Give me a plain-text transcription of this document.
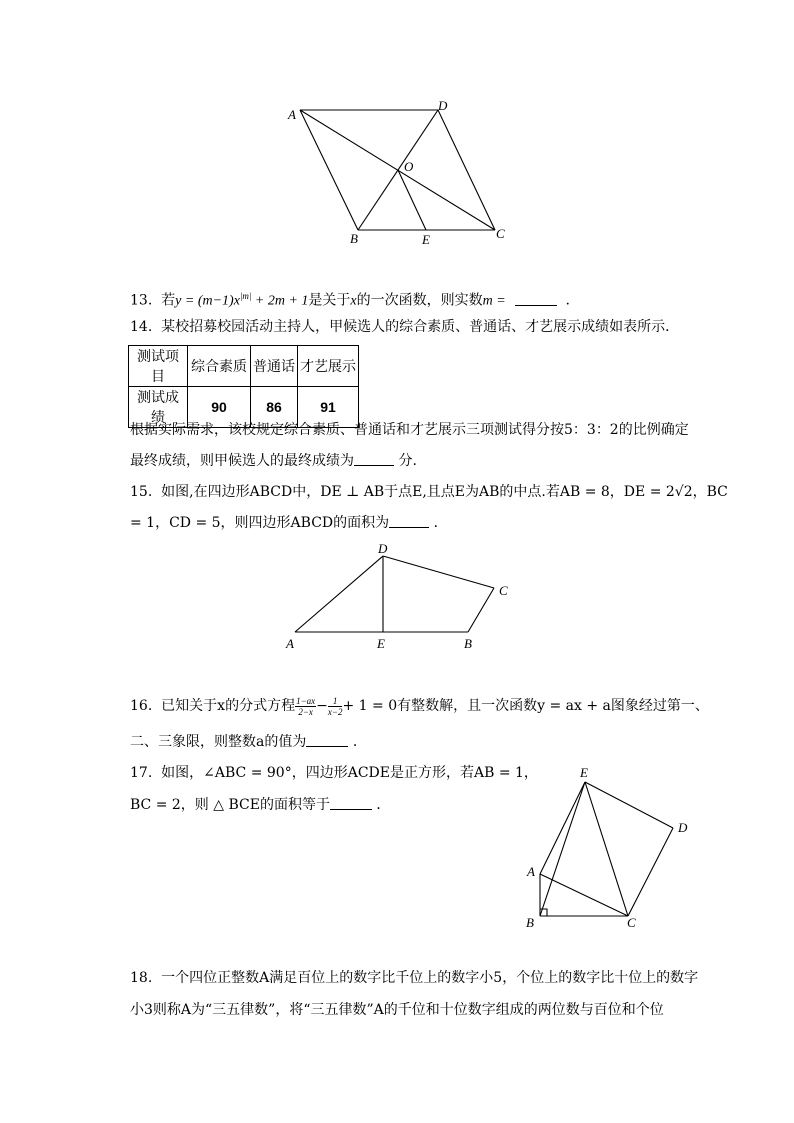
A
D
O
B	E	C
13. 若$y = (m-1)x^{|m|} + 2m + 1$是关于x的一次函数，则实数m =	.
14. 某校招募校园活动主持人，甲候选人的综合素质、普通话、才艺展示成绩如表所示．
测试项目	综合素质	普通话	才艺展示
测试成绩	90	86	91
根据实际需求，该校规定综合素质、普通话和才艺展示三项测试得分按5：3：2的比例确定
最终成绩，则甲候选人的最终成绩为	分.
15. 如图,在四边形ABCD中，DE ⊥ AB于点E,且点E为AB的中点.若AB = 8，DE = 2√2，BC
= 1，CD = 5，则四边形ABCD的面积为	．
D
C
A	E	B
16. 已知关于x的分式方程 $\frac{1-ax}{2-x} - \frac{1}{x-2} + 1 = 0$有整数解，且一次函数y = ax + a图象经过第一、
二、三象限，则整数a的值为	．
17. 如图，∠ABC = 90°，四边形ACDE是正方形，若AB = 1，
BC = 2，则 △ BCE的面积等于	．
E
D
A
B	C
18. 一个四位正整数A满足百位上的数字比千位上的数字小5，个位上的数字比十位上的数字
小3则称A为“三五律数”，将“三五律数”A的千位和十位数字组成的两位数与百位和个位
